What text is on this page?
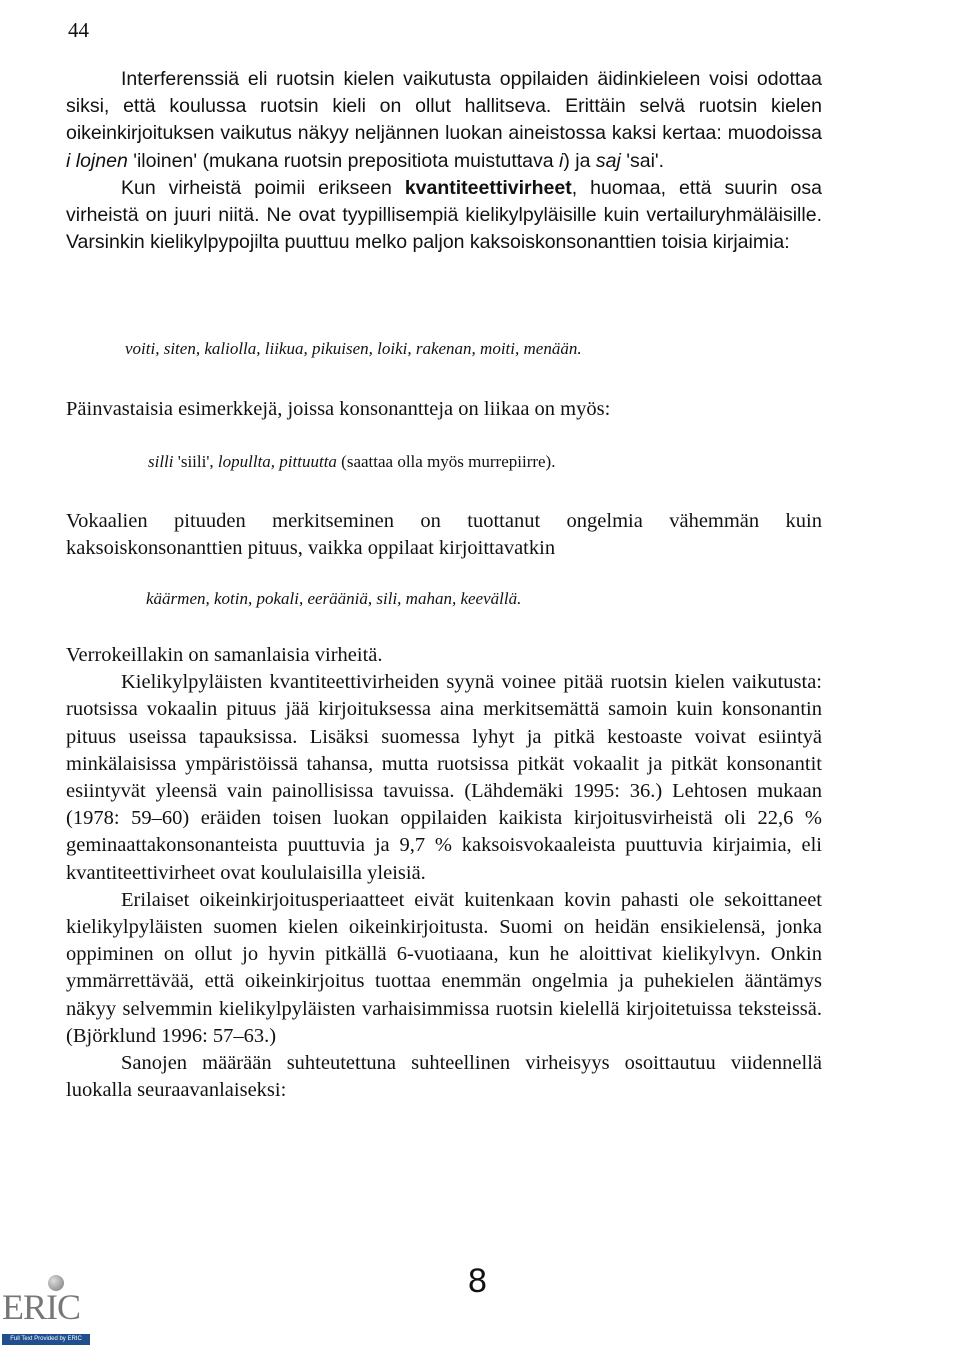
44

Interferenssiä eli ruotsin kielen vaikutusta oppilaiden äidinkieleen voisi odottaa siksi, että koulussa ruotsin kieli on ollut hallitseva. Erittäin selvä ruotsin kielen oikeinkirjoituksen vaikutus näkyy neljännen luokan aineistossa kaksi kertaa: muodoissa i lojnen 'iloinen' (mukana ruotsin prepositiota muistuttava i) ja saj 'sai'.

Kun virheistä poimii erikseen kvantiteettivirheet, huomaa, että suurin osa virheistä on juuri niitä. Ne ovat tyypillisempiä kielikylpyläisille kuin vertailuryhmäläisille. Varsinkin kielikylpypojilta puuttuu melko paljon kaksoiskonsonanttien toisia kirjaimia:

voiti, siten, kaliolla, liikua, pikuisen, loiki, rakenan, moiti, menään.

Päinvastaisia esimerkkejä, joissa konsonantteja on liikaa on myös:

silli 'siili', lopullta, pittuutta (saattaa olla myös murrepiirre).

Vokaalien pituuden merkitseminen on tuottanut ongelmia vähemmän kuin kaksoiskonsonanttien pituus, vaikka oppilaat kirjoittavatkin

käärmen, kotin, pokali, eerääniä, sili, mahan, keevällä.

Verrokeillakin on samanlaisia virheitä.

Kielikylpyläisten kvantiteettivirheiden syynä voinee pitää ruotsin kielen vaikutusta: ruotsissa vokaalin pituus jää kirjoituksessa aina merkitsemättä samoin kuin konsonantin pituus useissa tapauksissa. Lisäksi suomessa lyhyt ja pitkä kestoaste voivat esiintyä minkälaisissa ympäristöissä tahansa, mutta ruotsissa pitkät vokaalit ja pitkät konsonantit esiintyvät yleensä vain painollisissa tavuissa. (Lähdemäki 1995: 36.) Lehtosen mukaan (1978: 59–60) eräiden toisen luokan oppilaiden kaikista kirjoitusvirheistä oli 22,6 % geminaattakonsonanteista puuttuvia ja 9,7 % kaksoisvokaaleista puuttuvia kirjaimia, eli kvantiteettivirheet ovat koululaisilla yleisiä.

Erilaiset oikeinkirjoitusperiaatteet eivät kuitenkaan kovin pahasti ole sekoittaneet kielikylpyläisten suomen kielen oikeinkirjoitusta. Suomi on heidän ensikielensä, jonka oppiminen on ollut jo hyvin pitkällä 6-vuotiaana, kun he aloittivat kielikylvyn. Onkin ymmärrettävää, että oikeinkirjoitus tuottaa enemmän ongelmia ja puhekielen ääntämys näkyy selvemmin kielikylpyläisten varhaisimmissa ruotsin kielellä kirjoitetuissa teksteissä. (Björklund 1996: 57–63.)

Sanojen määrään suhteutettuna suhteellinen virheisyys osoittautuu viidennellä luokalla seuraavanlaiseksi:

8
ERIC
Full Text Provided by ERIC
